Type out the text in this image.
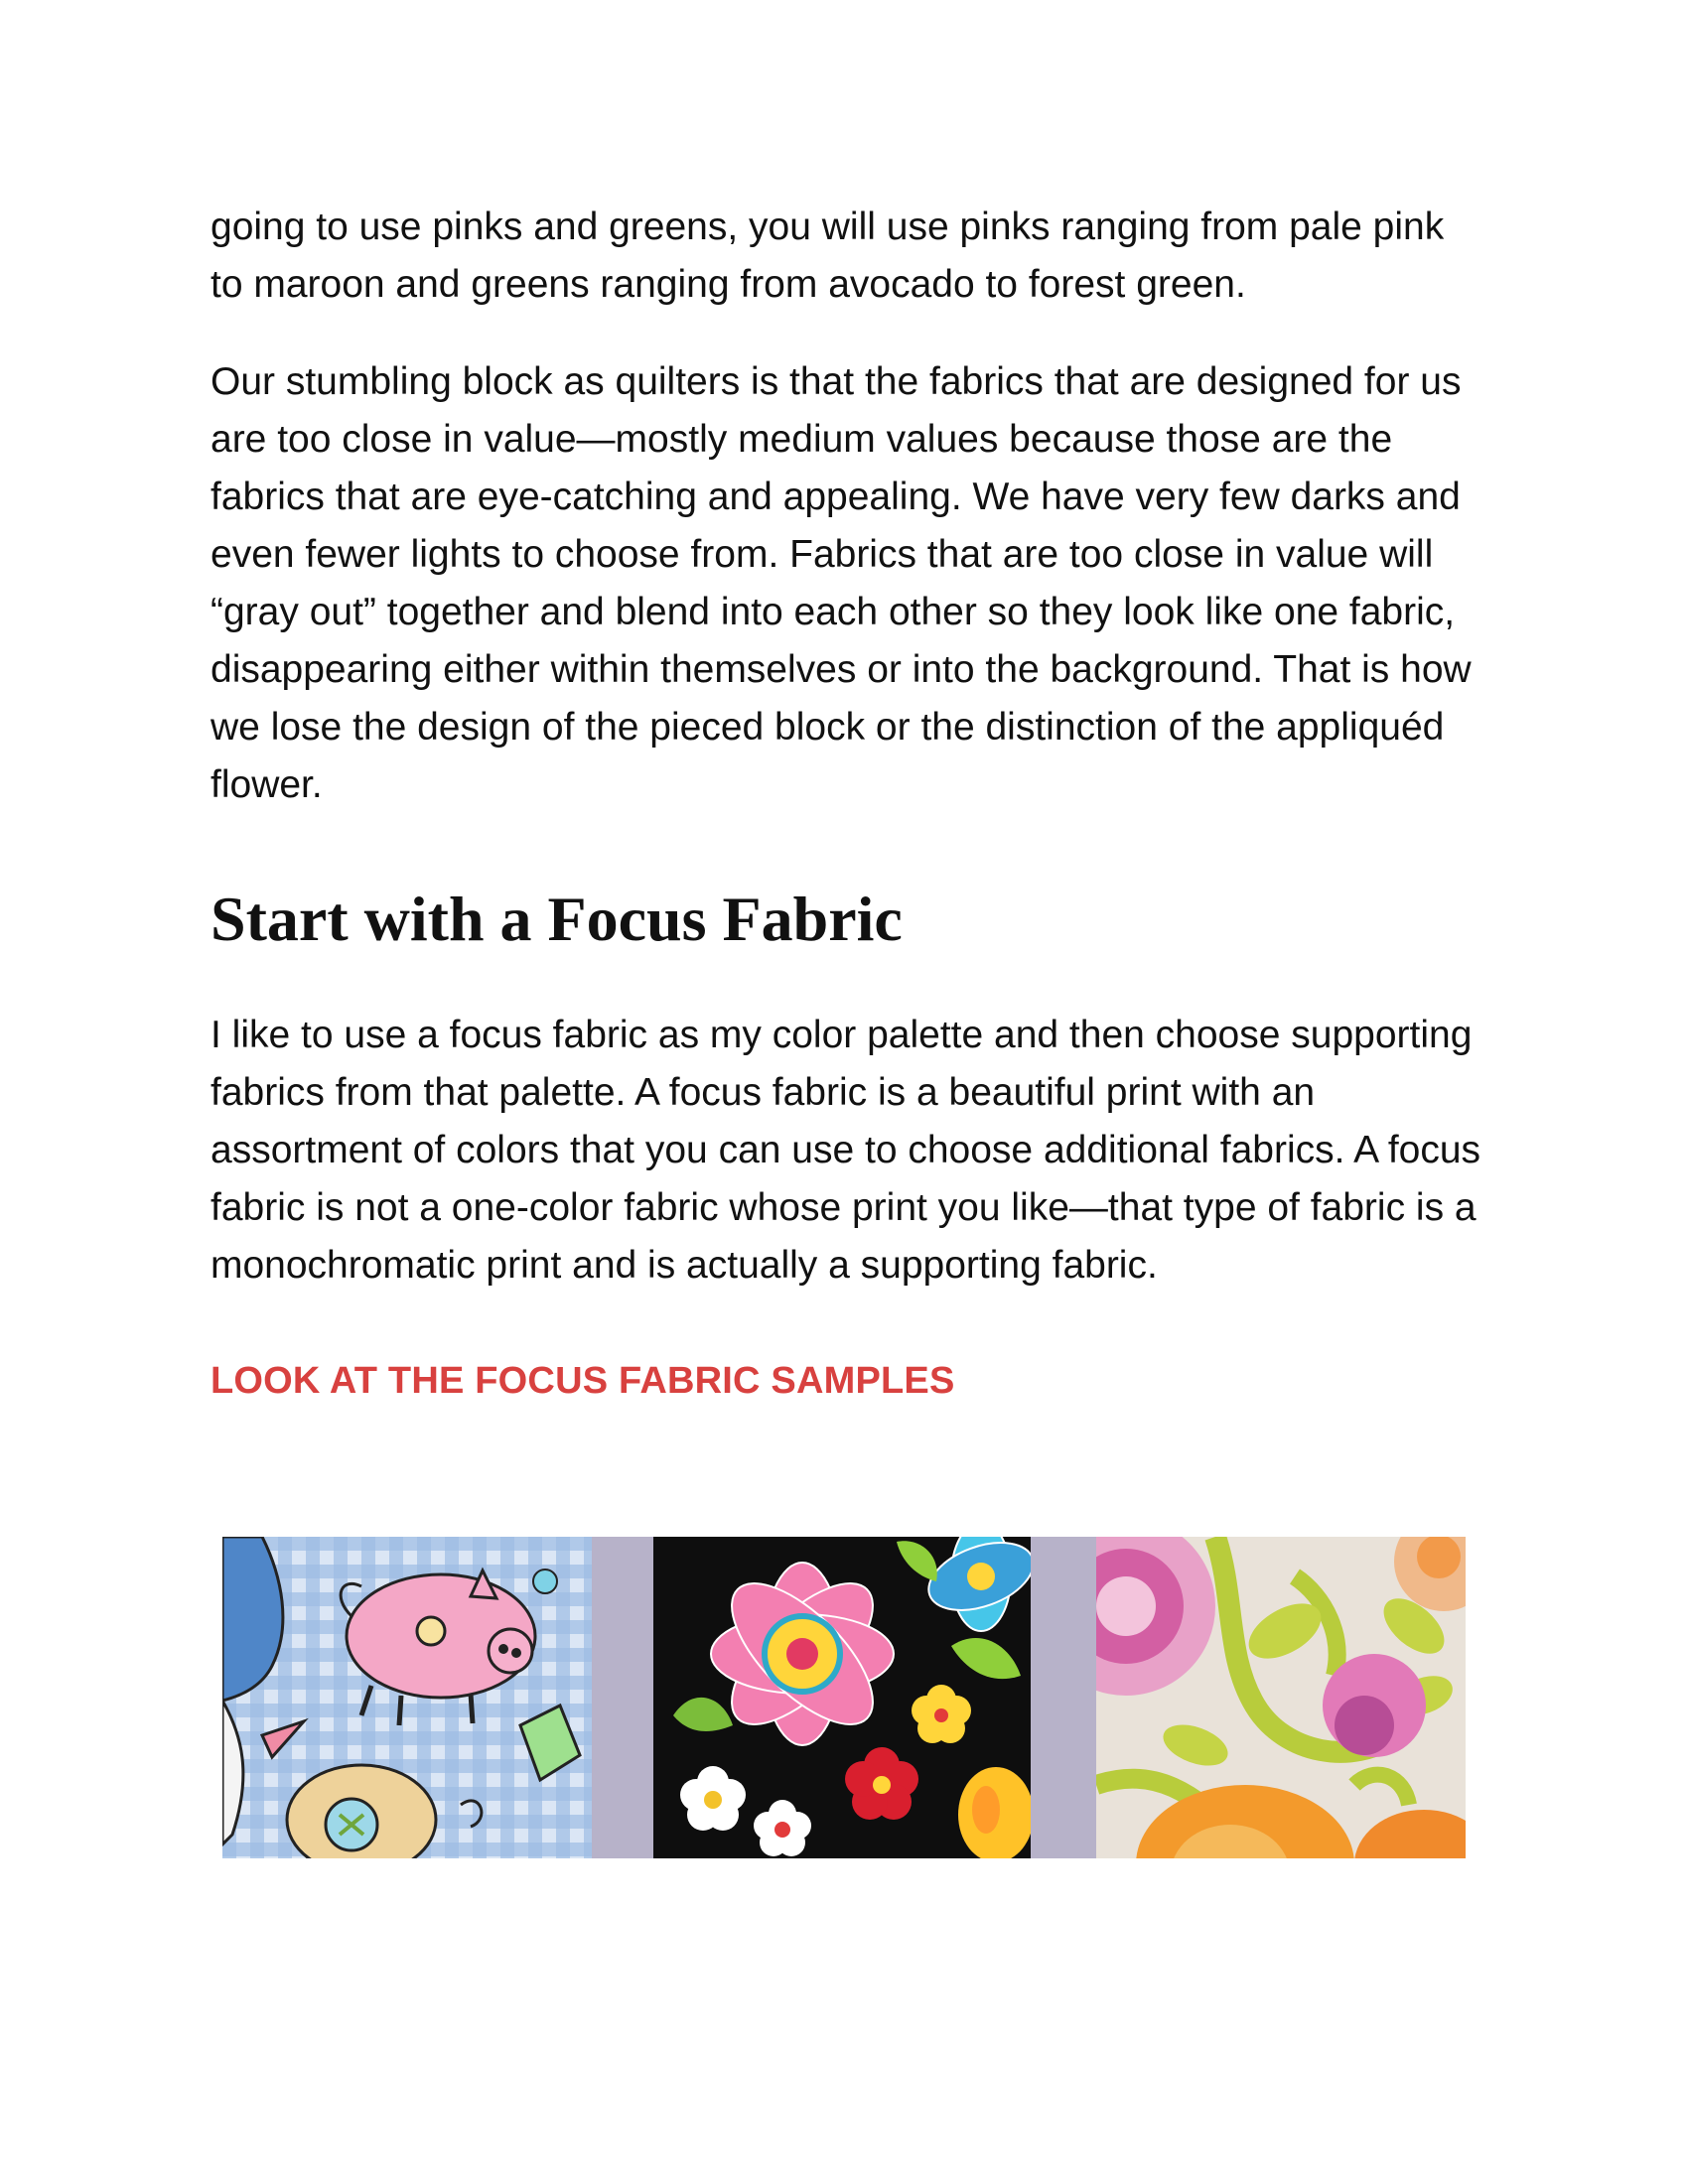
going to use pinks and greens, you will use pinks ranging from pale pink to maroon and greens ranging from avocado to forest green.

Our stumbling block as quilters is that the fabrics that are designed for us are too close in value—mostly medium values because those are the fabrics that are eye-catching and appealing. We have very few darks and even fewer lights to choose from. Fabrics that are too close in value will “gray out” together and blend into each other so they look like one fabric, disappearing either within themselves or into the background. That is how we lose the design of the pieced block or the distinction of the appliquéd flower.

Start with a Focus Fabric

I like to use a focus fabric as my color palette and then choose supporting fabrics from that palette. A focus fabric is a beautiful print with an assortment of colors that you can use to choose additional fabrics. A focus fabric is not a one-color fabric whose print you like—that type of fabric is a monochromatic print and is actually a supporting fabric.

LOOK AT THE FOCUS FABRIC SAMPLES
